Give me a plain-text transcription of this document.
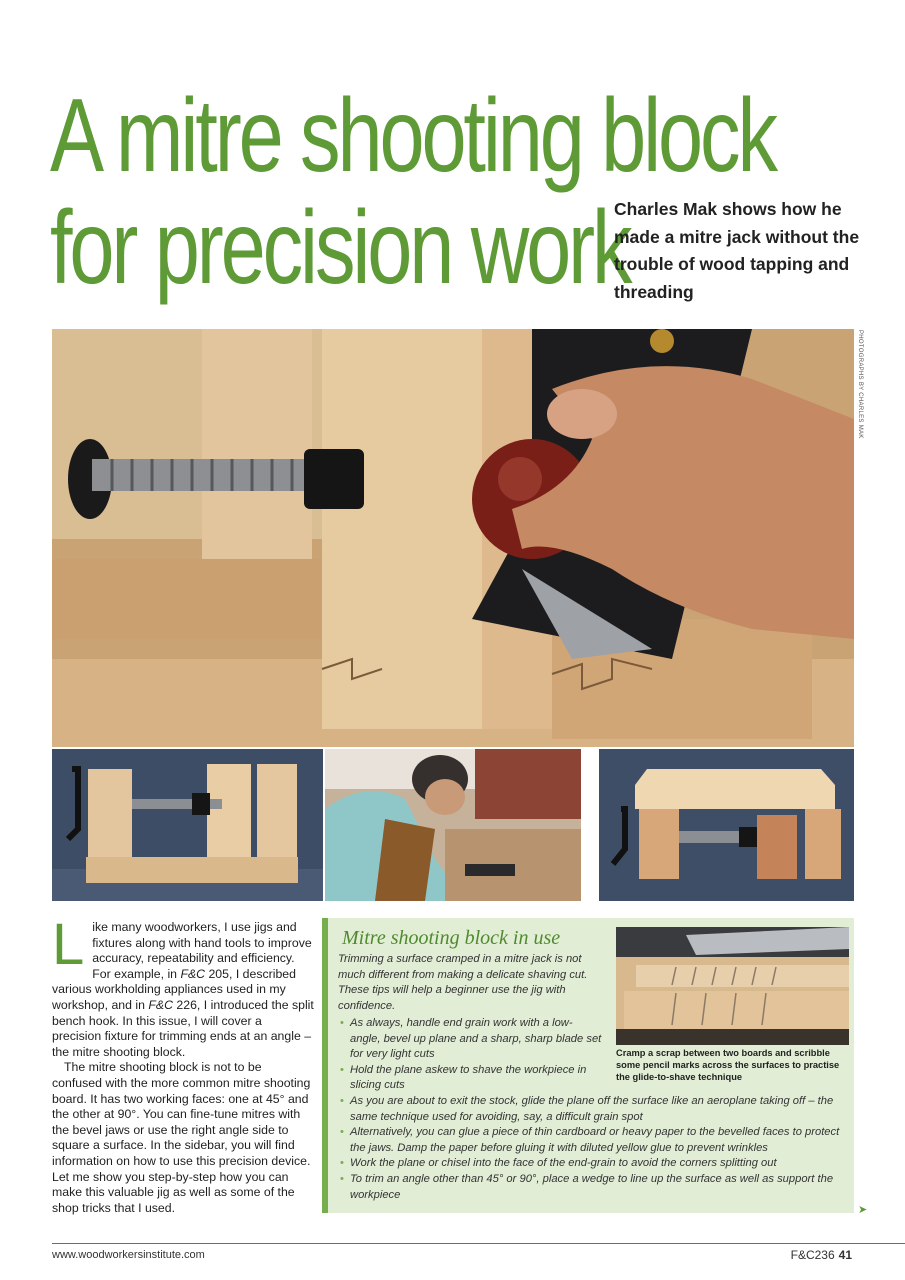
A mitre shooting block
for precision work
Charles Mak shows how he made a mitre jack without the trouble of wood tapping and threading
PHOTOGRAPHS BY CHARLES MAK

Like many woodworkers, I use jigs and fixtures along with hand tools to improve accuracy, repeatability and efficiency. For example, in F&C 205, I described various workholding appliances used in my workshop, and in F&C 226, I introduced the split bench hook. In this issue, I will cover a precision fixture for trimming ends at an angle – the mitre shooting block.

The mitre shooting block is not to be confused with the more common mitre shooting board. It has two working faces: one at 45° and the other at 90°. You can fine-tune mitres with the bevel jaws or use the right angle side to square a surface. In the sidebar, you will find information on how to use this precision device. Let me show you step-by-step how you can make this valuable jig as well as some of the shop tricks that I used.

Mitre shooting block in use
Trimming a surface cramped in a mitre jack is not much different from making a delicate shaving cut. These tips will help a beginner use the jig with confidence.
• As always, handle end grain work with a low-angle, bevel up plane and a sharp, sharp blade set for very light cuts
• Hold the plane askew to shave the workpiece in slicing cuts
• As you are about to exit the stock, glide the plane off the surface like an aeroplane taking off – the same technique used for avoiding, say, a difficult grain spot
• Alternatively, you can glue a piece of thin cardboard or heavy paper to the bevelled faces to protect the jaws. Damp the paper before gluing it with diluted yellow glue to prevent wrinkles
• Work the plane or chisel into the face of the end-grain to avoid the corners splitting out
• To trim an angle other than 45° or 90°, place a wedge to line up the surface as well as support the workpiece
Cramp a scrap between two boards and scribble some pencil marks across the surfaces to practise the glide-to-shave technique
➤
www.woodworkersinstitute.com	F&C236 41
